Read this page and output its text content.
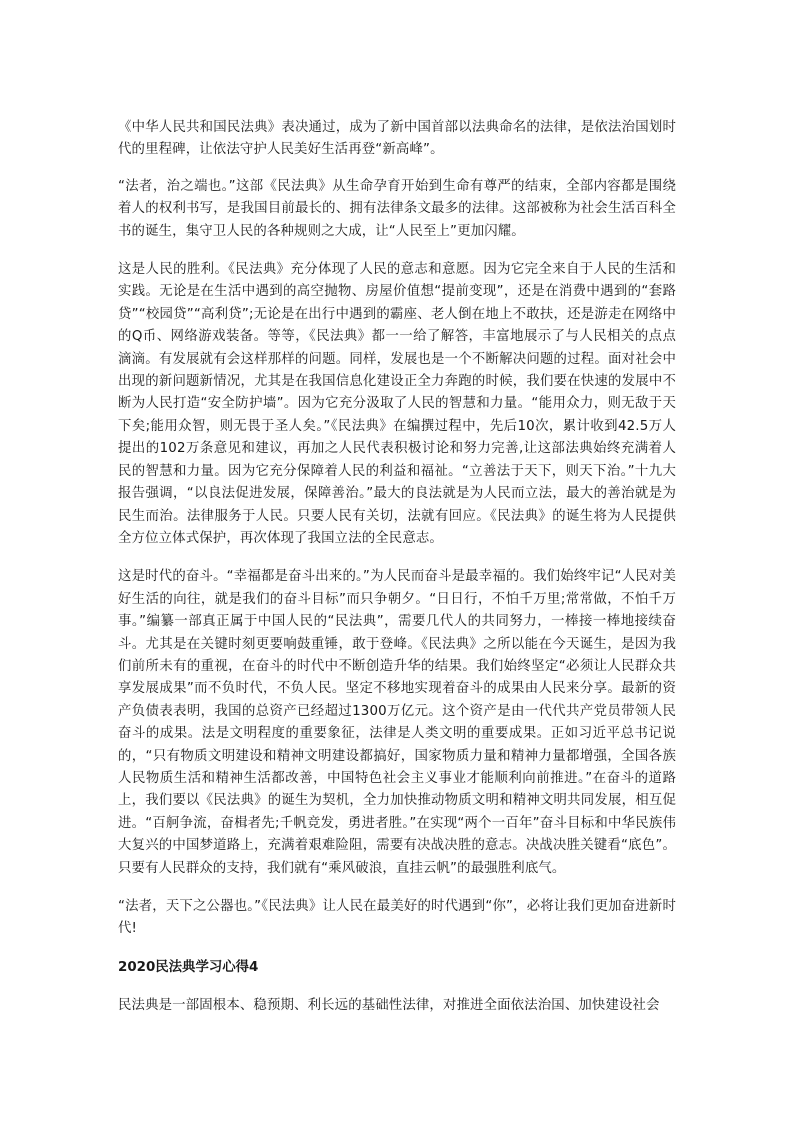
《中华人民共和国民法典》表决通过，成为了新中国首部以法典命名的法律，是依法治国划时代的里程碑，让依法守护人民美好生活再登“新高峰”。

“法者，治之端也。”这部《民法典》从生命孕育开始到生命有尊严的结束，全部内容都是围绕着人的权利书写，是我国目前最长的、拥有法律条文最多的法律。这部被称为社会生活百科全书的诞生，集守卫人民的各种规则之大成，让“人民至上”更加闪耀。

这是人民的胜利。《民法典》充分体现了人民的意志和意愿。因为它完全来自于人民的生活和实践。无论是在生活中遇到的高空抛物、房屋价值想“提前变现”，还是在消费中遇到的“套路贷”“校园贷”“高利贷”;无论是在出行中遇到的霸座、老人倒在地上不敢扶，还是游走在网络中的Q币、网络游戏装备。等等，《民法典》都一一给了解答，丰富地展示了与人民相关的点点滴滴。有发展就有会这样那样的问题。同样，发展也是一个不断解决问题的过程。面对社会中出现的新问题新情况，尤其是在我国信息化建设正全力奔跑的时候，我们要在快速的发展中不断为人民打造“安全防护墙”。因为它充分汲取了人民的智慧和力量。“能用众力，则无敌于天下矣;能用众智，则无畏于圣人矣。”《民法典》在编撰过程中，先后10次，累计收到42.5万人提出的102万条意见和建议，再加之人民代表积极讨论和努力完善,让这部法典始终充满着人民的智慧和力量。因为它充分保障着人民的利益和福祉。“立善法于天下，则天下治。”十九大报告强调，“以良法促进发展，保障善治。”最大的良法就是为人民而立法，最大的善治就是为民生而治。法律服务于人民。只要人民有关切，法就有回应。《民法典》的诞生将为人民提供全方位立体式保护，再次体现了我国立法的全民意志。

这是时代的奋斗。“幸福都是奋斗出来的。”为人民而奋斗是最幸福的。我们始终牢记“人民对美好生活的向往，就是我们的奋斗目标”而只争朝夕。“日日行，不怕千万里;常常做，不怕千万事。”编纂一部真正属于中国人民的“民法典”，需要几代人的共同努力，一棒接一棒地接续奋斗。尤其是在关键时刻更要响鼓重锤，敢于登峰。《民法典》之所以能在今天诞生，是因为我们前所未有的重视，在奋斗的时代中不断创造升华的结果。我们始终坚定“必须让人民群众共享发展成果”而不负时代，不负人民。坚定不移地实现着奋斗的成果由人民来分享。最新的资产负债表表明，我国的总资产已经超过1300万亿元。这个资产是由一代代共产党员带领人民奋斗的成果。法是文明程度的重要象征，法律是人类文明的重要成果。正如习近平总书记说的，“只有物质文明建设和精神文明建设都搞好，国家物质力量和精神力量都增强，全国各族人民物质生活和精神生活都改善，中国特色社会主义事业才能顺利向前推进。”在奋斗的道路上，我们要以《民法典》的诞生为契机，全力加快推动物质文明和精神文明共同发展，相互促进。“百舸争流，奋楫者先;千帆竞发，勇进者胜。”在实现“两个一百年”奋斗目标和中华民族伟大复兴的中国梦道路上，充满着艰难险阻，需要有决战决胜的意志。决战决胜关键看“底色”。只要有人民群众的支持，我们就有“乘风破浪，直挂云帆”的最强胜利底气。

“法者，天下之公器也。”《民法典》让人民在最美好的时代遇到“你”，必将让我们更加奋进新时代!

2020民法典学习心得4

民法典是一部固根本、稳预期、利长远的基础性法律，对推进全面依法治国、加快建设社会
